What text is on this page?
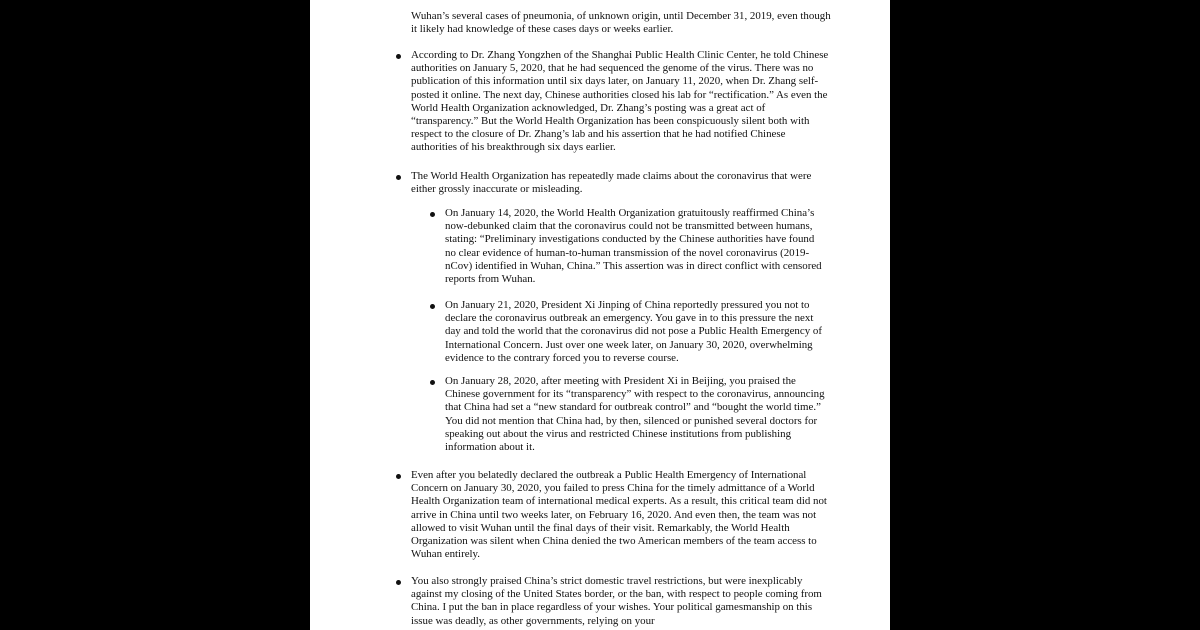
Wuhan’s several cases of pneumonia, of unknown origin, until December 31, 2019, even though it likely had knowledge of these cases days or weeks earlier.

According to Dr. Zhang Yongzhen of the Shanghai Public Health Clinic Center, he told Chinese authorities on January 5, 2020, that he had sequenced the genome of the virus. There was no publication of this information until six days later, on January 11, 2020, when Dr. Zhang self-posted it online. The next day, Chinese authorities closed his lab for “rectification.” As even the World Health Organization acknowledged, Dr. Zhang’s posting was a great act of “transparency.” But the World Health Organization has been conspicuously silent both with respect to the closure of Dr. Zhang’s lab and his assertion that he had notified Chinese authorities of his breakthrough six days earlier.

The World Health Organization has repeatedly made claims about the coronavirus that were either grossly inaccurate or misleading.

On January 14, 2020, the World Health Organization gratuitously reaffirmed China’s now-debunked claim that the coronavirus could not be transmitted between humans, stating: “Preliminary investigations conducted by the Chinese authorities have found no clear evidence of human-to-human transmission of the novel coronavirus (2019-nCov) identified in Wuhan, China.” This assertion was in direct conflict with censored reports from Wuhan.

On January 21, 2020, President Xi Jinping of China reportedly pressured you not to declare the coronavirus outbreak an emergency. You gave in to this pressure the next day and told the world that the coronavirus did not pose a Public Health Emergency of International Concern. Just over one week later, on January 30, 2020, overwhelming evidence to the contrary forced you to reverse course.

On January 28, 2020, after meeting with President Xi in Beijing, you praised the Chinese government for its “transparency” with respect to the coronavirus, announcing that China had set a “new standard for outbreak control” and “bought the world time.” You did not mention that China had, by then, silenced or punished several doctors for speaking out about the virus and restricted Chinese institutions from publishing information about it.

Even after you belatedly declared the outbreak a Public Health Emergency of International Concern on January 30, 2020, you failed to press China for the timely admittance of a World Health Organization team of international medical experts. As a result, this critical team did not arrive in China until two weeks later, on February 16, 2020. And even then, the team was not allowed to visit Wuhan until the final days of their visit. Remarkably, the World Health Organization was silent when China denied the two American members of the team access to Wuhan entirely.

You also strongly praised China’s strict domestic travel restrictions, but were inexplicably against my closing of the United States border, or the ban, with respect to people coming from China. I put the ban in place regardless of your wishes. Your political gamesmanship on this issue was deadly, as other governments, relying on your
